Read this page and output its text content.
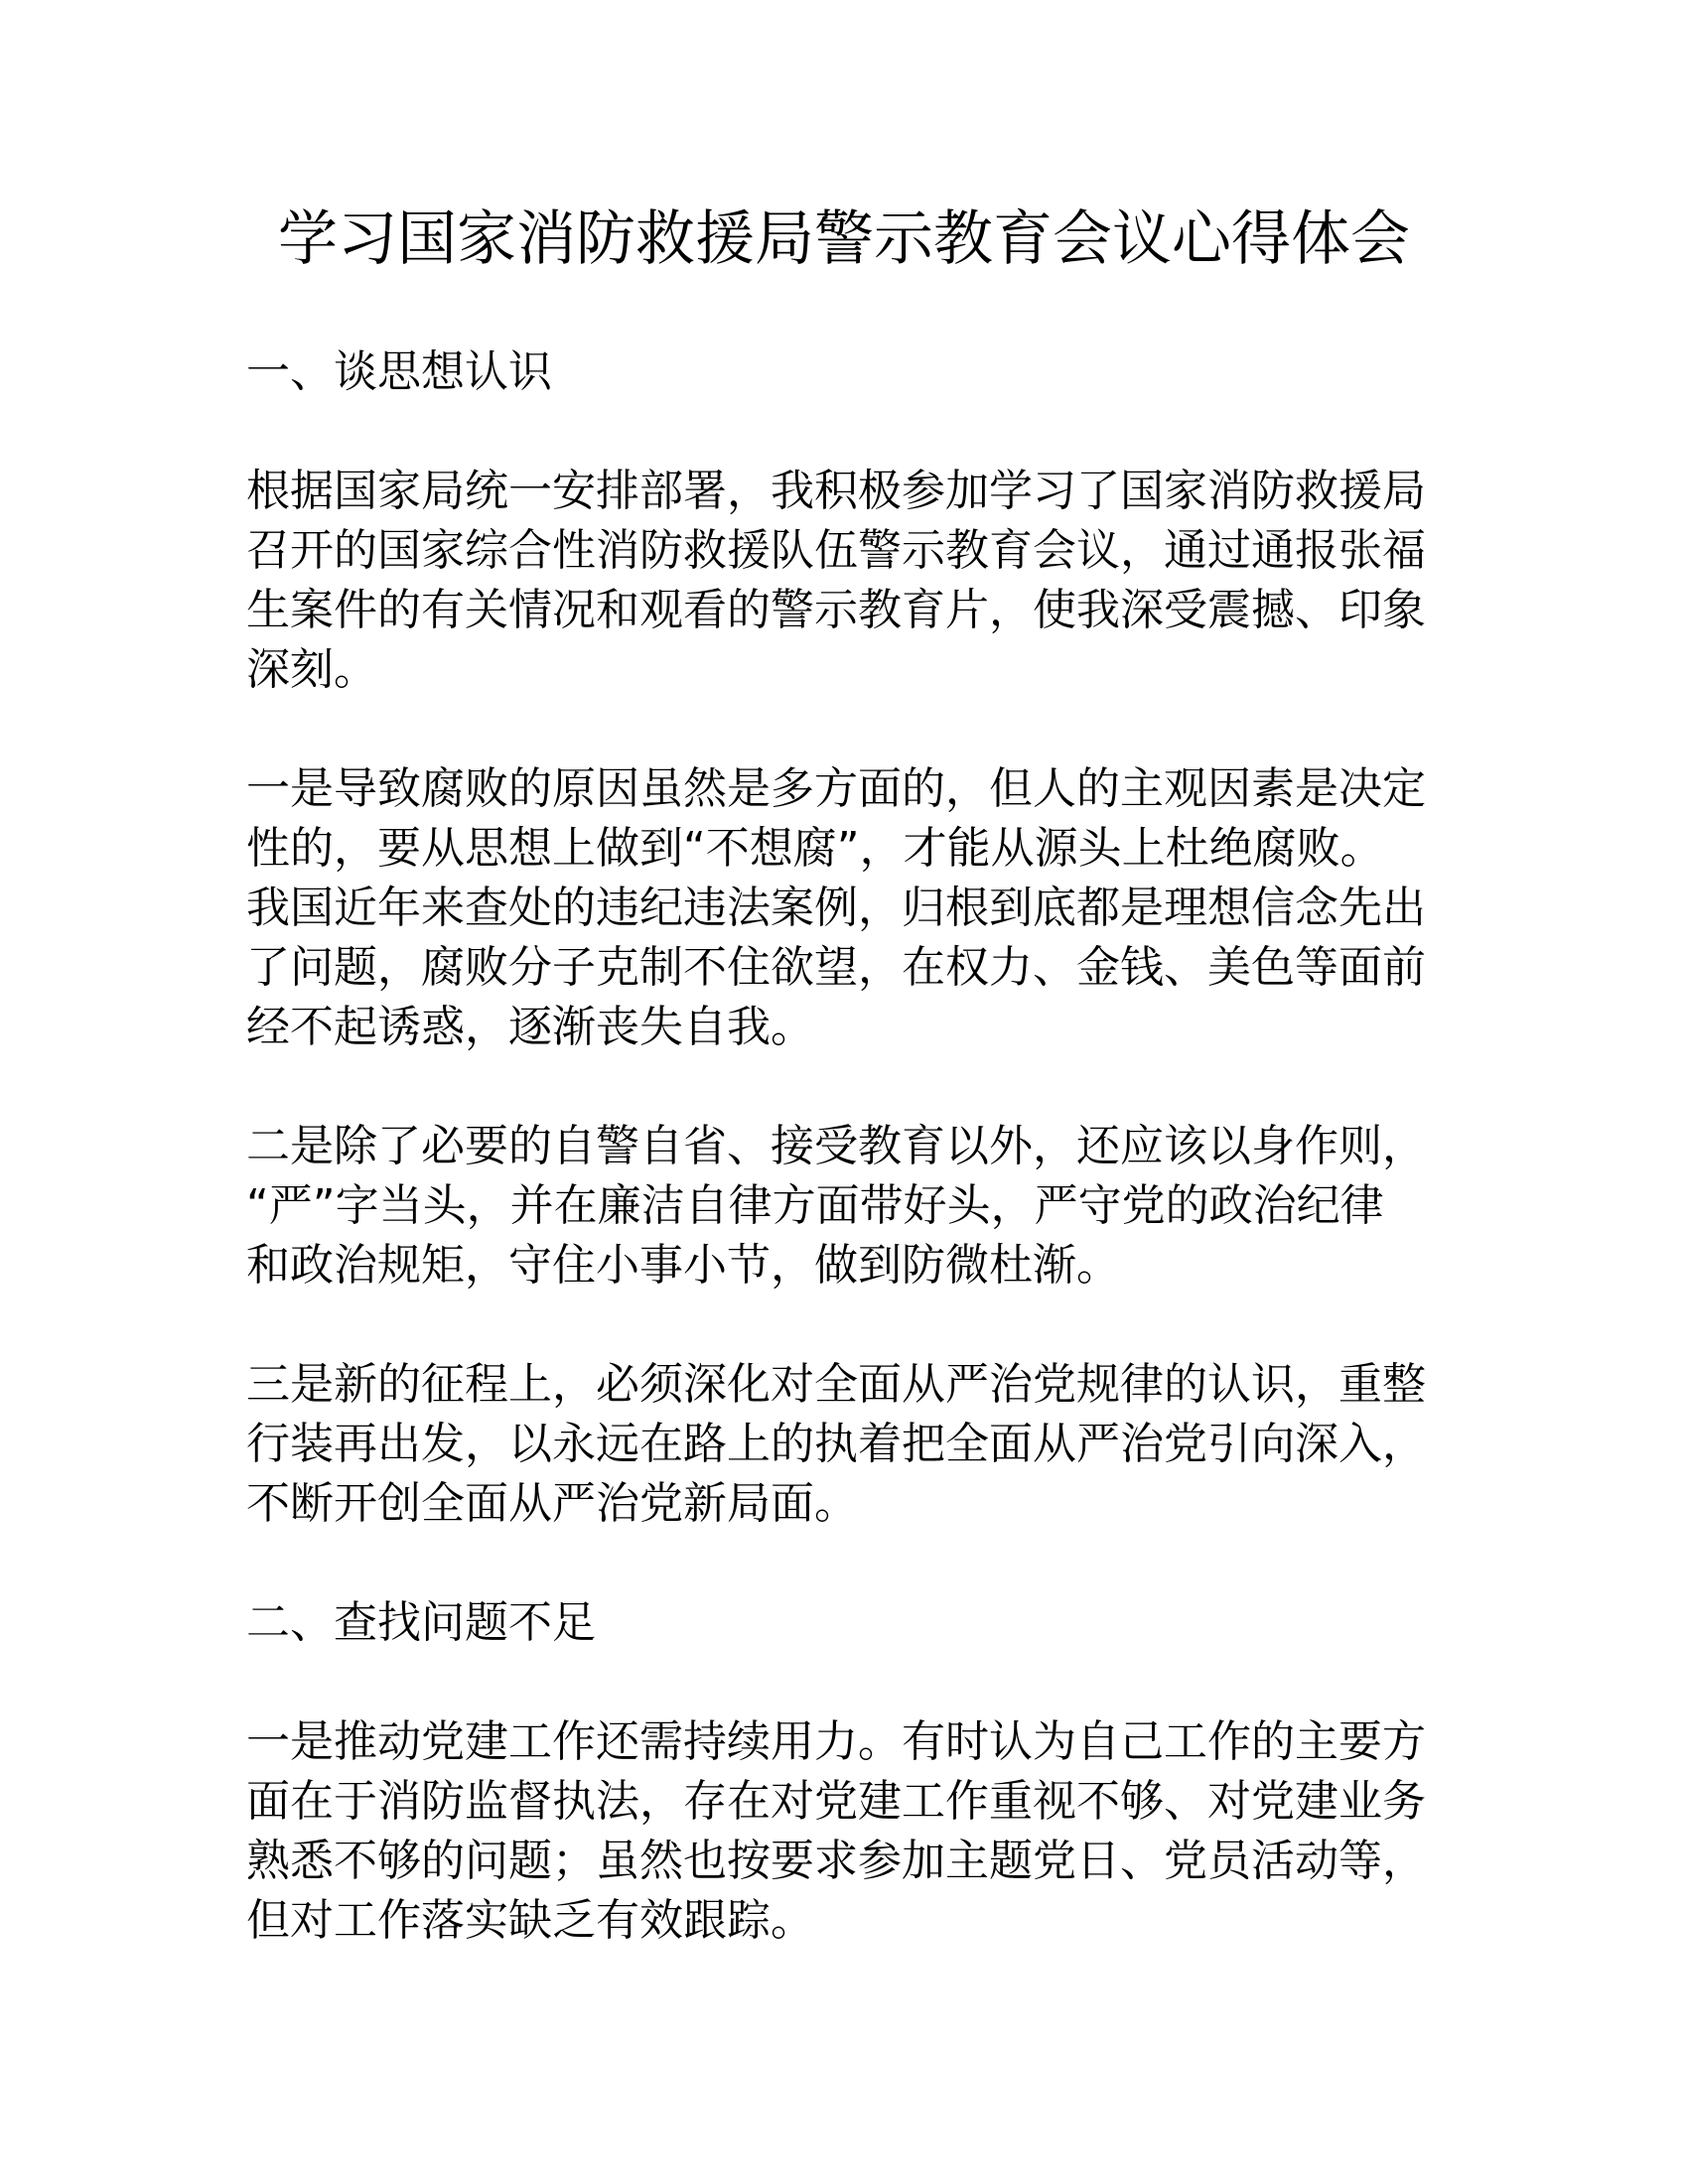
学习国家消防救援局警示教育会议心得体会
一、谈思想认识
根据国家局统一安排部署，我积极参加学习了国家消防救援局
召开的国家综合性消防救援队伍警示教育会议，通过通报张福
生案件的有关情况和观看的警示教育片，使我深受震撼、印象
深刻。
一是导致腐败的原因虽然是多方面的，但人的主观因素是决定
性的，要从思想上做到“不想腐”，才能从源头上杜绝腐败。
我国近年来查处的违纪违法案例，归根到底都是理想信念先出
了问题，腐败分子克制不住欲望，在权力、金钱、美色等面前
经不起诱惑，逐渐丧失自我。
二是除了必要的自警自省、接受教育以外，还应该以身作则，
“严”字当头，并在廉洁自律方面带好头，严守党的政治纪律
和政治规矩，守住小事小节，做到防微杜渐。
三是新的征程上，必须深化对全面从严治党规律的认识，重整
行装再出发，以永远在路上的执着把全面从严治党引向深入，
不断开创全面从严治党新局面。
二、查找问题不足
一是推动党建工作还需持续用力。有时认为自己工作的主要方
面在于消防监督执法，存在对党建工作重视不够、对党建业务
熟悉不够的问题；虽然也按要求参加主题党日、党员活动等，
但对工作落实缺乏有效跟踪。
